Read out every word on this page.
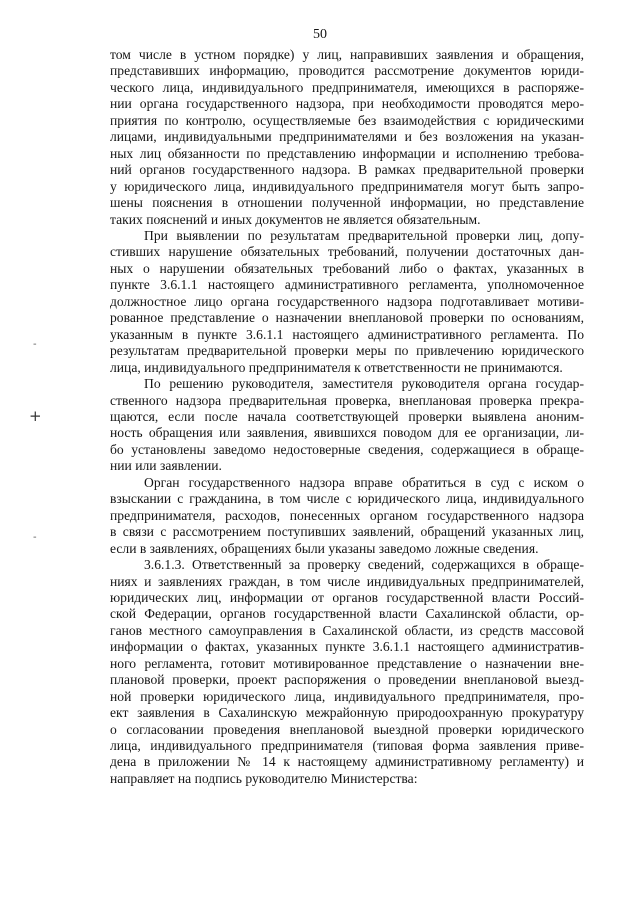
50
-
+
-

том числе в устном порядке) у лиц, направивших заявления и обращения,
представивших информацию, проводится рассмотрение документов юриди-
ческого лица, индивидуального предпринимателя, имеющихся в распоряже-
нии органа государственного надзора, при необходимости проводятся меро-
приятия по контролю, осуществляемые без взаимодействия с юридическими
лицами, индивидуальными предпринимателями и без возложения на указан-
ных лиц обязанности по представлению информации и исполнению требова-
ний органов государственного надзора. В рамках предварительной проверки
у юридического лица, индивидуального предпринимателя могут быть запро-
шены пояснения в отношении полученной информации, но представление
таких пояснений и иных документов не является обязательным.

При выявлении по результатам предварительной проверки лиц, допу-
стивших нарушение обязательных требований, получении достаточных дан-
ных о нарушении обязательных требований либо о фактах, указанных в
пункте 3.6.1.1 настоящего административного регламента, уполномоченное
должностное лицо органа государственного надзора подготавливает мотиви-
рованное представление о назначении внеплановой проверки по основаниям,
указанным в пункте 3.6.1.1 настоящего административного регламента. По
результатам предварительной проверки меры по привлечению юридического
лица, индивидуального предпринимателя к ответственности не принимаются.

По решению руководителя, заместителя руководителя органа государ-
ственного надзора предварительная проверка, внеплановая проверка прекра-
щаются, если после начала соответствующей проверки выявлена аноним-
ность обращения или заявления, явившихся поводом для ее организации, ли-
бо установлены заведомо недостоверные сведения, содержащиеся в обраще-
нии или заявлении.

Орган государственного надзора вправе обратиться в суд с иском о
взыскании с гражданина, в том числе с юридического лица, индивидуального
предпринимателя, расходов, понесенных органом государственного надзора
в связи с рассмотрением поступивших заявлений, обращений указанных лиц,
если в заявлениях, обращениях были указаны заведомо ложные сведения.

3.6.1.3. Ответственный за проверку сведений, содержащихся в обраще-
ниях и заявлениях граждан, в том числе индивидуальных предпринимателей,
юридических лиц, информации от органов государственной власти Россий-
ской Федерации, органов государственной власти Сахалинской области, ор-
ганов местного самоуправления в Сахалинской области, из средств массовой
информации о фактах, указанных пункте 3.6.1.1 настоящего административ-
ного регламента, готовит мотивированное представление о назначении вне-
плановой проверки, проект распоряжения о проведении внеплановой выезд-
ной проверки юридического лица, индивидуального предпринимателя, про-
ект заявления в Сахалинскую межрайонную природоохранную прокуратуру
о согласовании проведения внеплановой выездной проверки юридического
лица, индивидуального предпринимателя (типовая форма заявления приве-
дена в приложении № 14 к настоящему административному регламенту) и
направляет на подпись руководителю Министерства:
